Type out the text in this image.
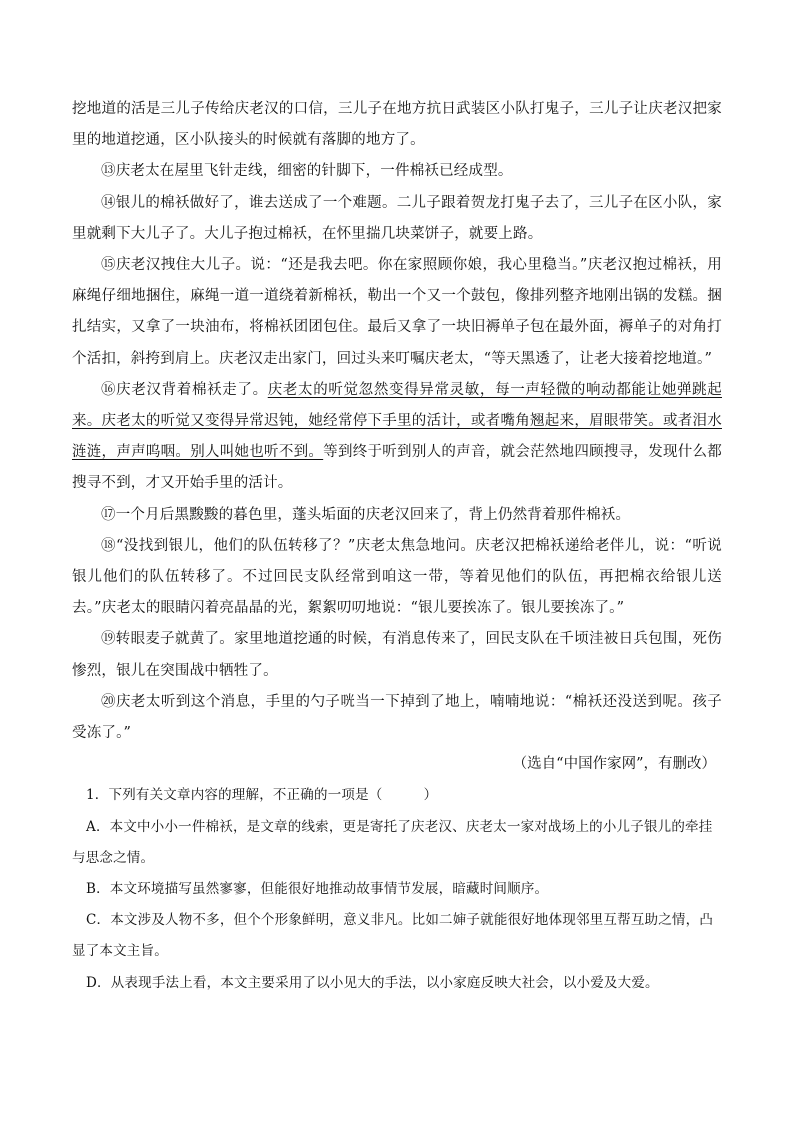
挖地道的活是三儿子传给庆老汉的口信，三儿子在地方抗日武装区小队打鬼子，三儿子让庆老汉把家里的地道挖通，区小队接头的时候就有落脚的地方了。

⑬庆老太在屋里飞针走线，细密的针脚下，一件棉袄已经成型。

⑭银儿的棉袄做好了，谁去送成了一个难题。二儿子跟着贺龙打鬼子去了，三儿子在区小队，家里就剩下大儿子了。大儿子抱过棉袄，在怀里揣几块菜饼子，就要上路。

⑮庆老汉拽住大儿子。说：“还是我去吧。你在家照顾你娘，我心里稳当。”庆老汉抱过棉袄，用麻绳仔细地捆住，麻绳一道一道绕着新棉袄，勒出一个又一个鼓包，像排列整齐地刚出锅的发糕。捆扎结实，又拿了一块油布，将棉袄团团包住。最后又拿了一块旧褥单子包在最外面，褥单子的对角打个活扣，斜挎到肩上。庆老汉走出家门，回过头来叮嘱庆老太，“等天黑透了，让老大接着挖地道。”

⑯庆老汉背着棉袄走了。庆老太的听觉忽然变得异常灵敏，每一声轻微的响动都能让她弹跳起来。庆老太的听觉又变得异常迟钝，她经常停下手里的活计，或者嘴角翘起来，眉眼带笑。或者泪水涟涟，声声呜咽。别人叫她也听不到。等到终于听到别人的声音，就会茫然地四顾搜寻，发现什么都搜寻不到，才又开始手里的活计。

⑰一个月后黑黢黢的暮色里，蓬头垢面的庆老汉回来了，背上仍然背着那件棉袄。

⑱“没找到银儿，他们的队伍转移了？”庆老太焦急地问。庆老汉把棉袄递给老伴儿，说：“听说银儿他们的队伍转移了。不过回民支队经常到咱这一带，等着见他们的队伍，再把棉衣给银儿送去。”庆老太的眼睛闪着亮晶晶的光，絮絮叨叨地说：“银儿要挨冻了。银儿要挨冻了。”

⑲转眼麦子就黄了。家里地道挖通的时候，有消息传来了，回民支队在千顷洼被日兵包围，死伤惨烈，银儿在突围战中牺牲了。

⑳庆老太听到这个消息，手里的勺子咣当一下掉到了地上，喃喃地说：“棉袄还没送到呢。孩子受冻了。”

（选自“中国作家网”，有删改）

1．下列有关文章内容的理解，不正确的一项是（　　　）

A．本文中小小一件棉袄，是文章的线索，更是寄托了庆老汉、庆老太一家对战场上的小儿子银儿的牵挂与思念之情。

B．本文环境描写虽然寥寥，但能很好地推动故事情节发展，暗藏时间顺序。

C．本文涉及人物不多，但个个形象鲜明，意义非凡。比如二婶子就能很好地体现邻里互帮互助之情，凸显了本文主旨。

D．从表现手法上看，本文主要采用了以小见大的手法，以小家庭反映大社会，以小爱及大爱。
